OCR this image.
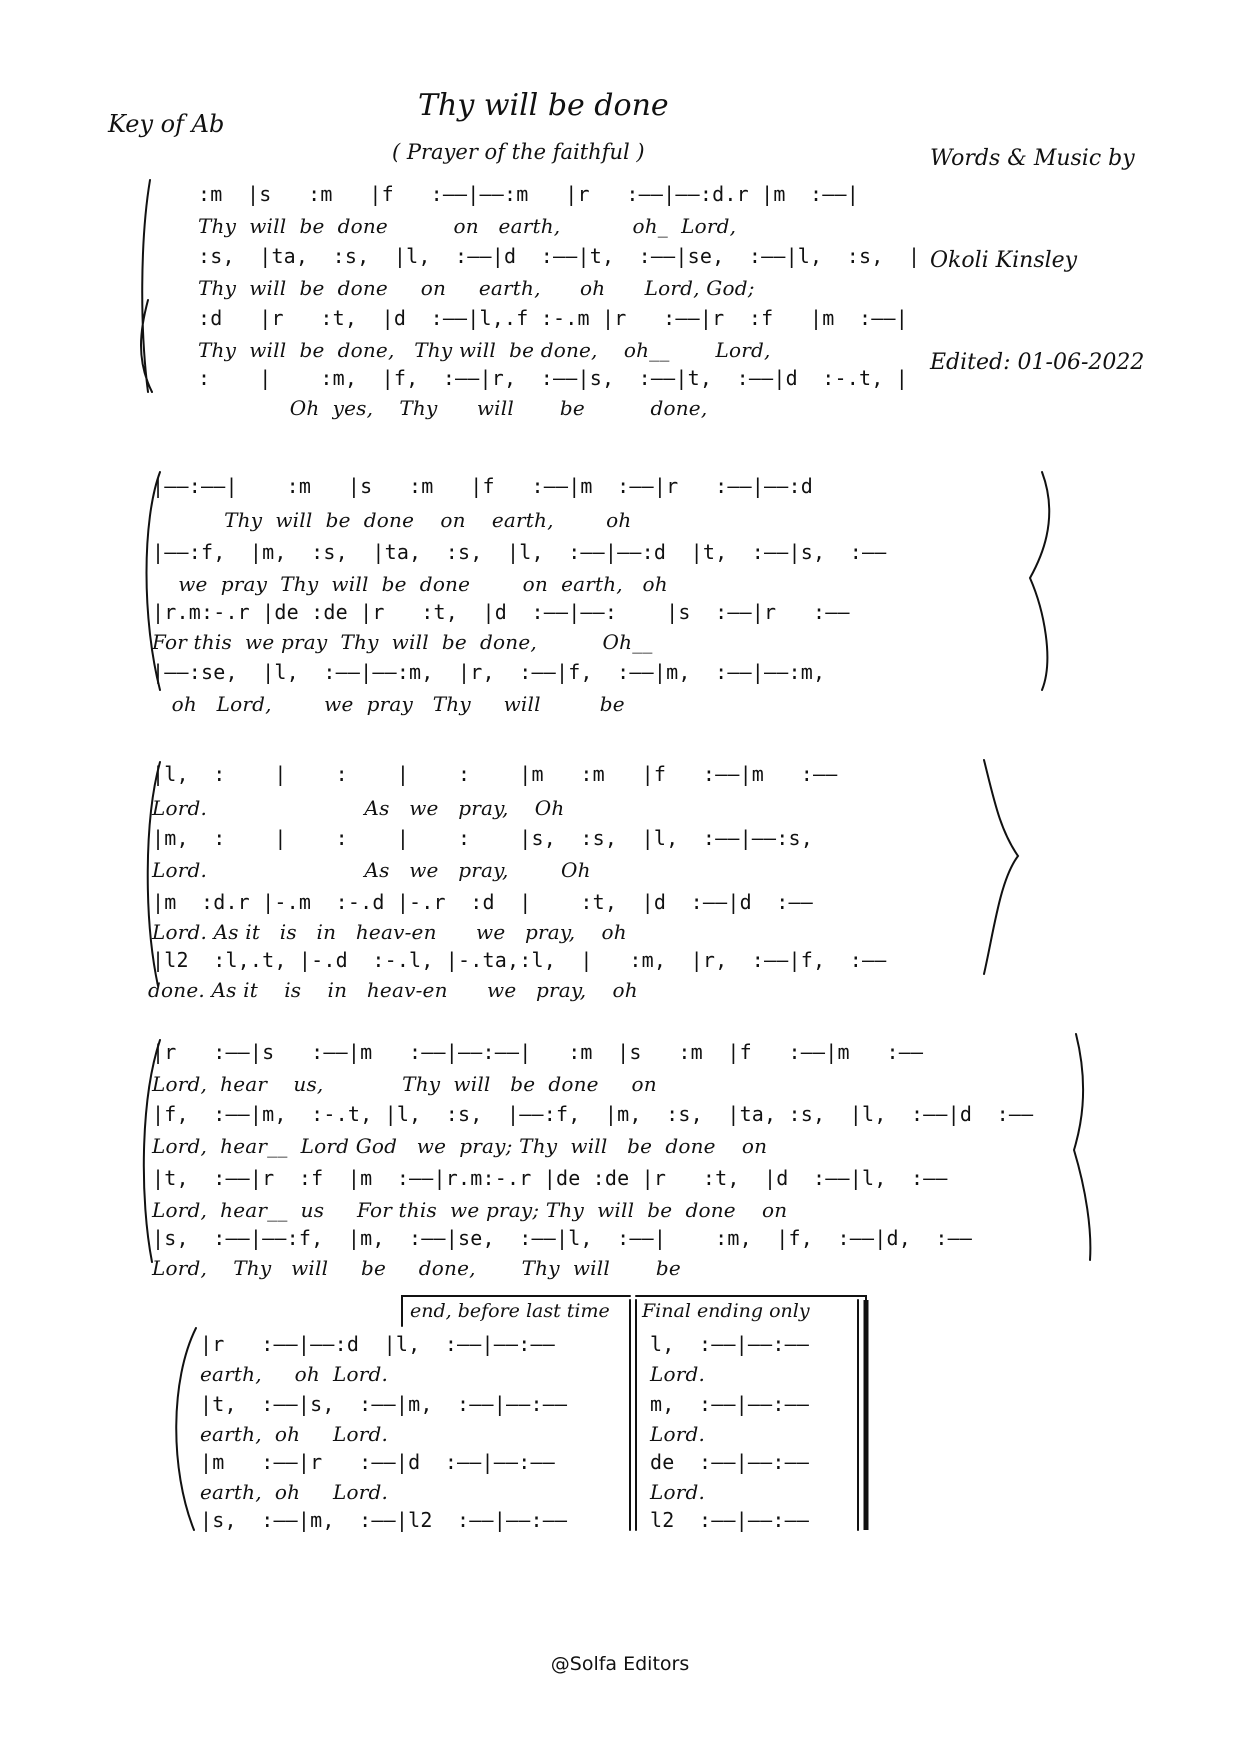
Key of Ab
Thy will be done
( Prayer of the faithful )

	Words & Music by

Okoli Kinsley

Edited: 01-06-2022

:m  |s   :m   |f   :——|——:m   |r   :——|——:d.r |m  :——|
Thy  will  be  done          on   earth,           oh_  Lord,
:s,  |ta,  :s,  |l,  :——|d  :——|t,  :——|se,  :——|l,  :s,  |
Thy  will  be  done     on     earth,      oh      Lord, God;
:d   |r   :t,  |d  :——|l,.f :-.m |r   :——|r  :f   |m  :——|
Thy  will  be  done,   Thy will  be done,    oh__       Lord,
:    |    :m,  |f,  :——|r,  :——|s,  :——|t,  :——|d  :-.t, |
Oh  yes,    Thy      will       be          done,
|——:——|    :m   |s   :m   |f   :——|m  :——|r   :——|——:d
Thy  will  be  done    on    earth,        oh
|——:f,  |m,  :s,  |ta,  :s,  |l,  :——|——:d  |t,  :——|s,  :——
we  pray  Thy  will  be  done        on  earth,   oh
|r.m:-.r |de :de |r   :t,  |d  :——|——:    |s  :——|r   :——
For this  we pray  Thy  will  be  done,          Oh__
|——:se,  |l,  :——|——:m,  |r,  :——|f,  :——|m,  :——|——:m,
oh   Lord,        we  pray   Thy     will         be
|l,  :    |    :    |    :    |m   :m   |f   :——|m   :——
Lord.                        As   we   pray,    Oh
|m,  :    |    :    |    :    |s,  :s,  |l,  :——|——:s,
Lord.                        As   we   pray,        Oh
|m  :d.r |-.m  :-.d |-.r  :d  |    :t,  |d  :——|d  :——
Lord. As it   is   in   heav-en      we   pray,    oh
|l2  :l,.t, |-.d  :-.l, |-.ta,:l,  |   :m,  |r,  :——|f,  :——
done. As it    is    in   heav-en      we   pray,    oh
|r   :——|s   :——|m   :——|——:——|   :m  |s   :m  |f   :——|m   :——
Lord,  hear    us,            Thy  will   be  done     on
|f,  :——|m,  :-.t, |l,  :s,  |——:f,  |m,  :s,  |ta, :s,  |l,  :——|d  :——
Lord,  hear__  Lord God   we  pray; Thy  will   be  done    on
|t,  :——|r  :f  |m  :——|r.m:-.r |de :de |r   :t,  |d  :——|l,  :——
Lord,  hear__  us     For this  we pray; Thy  will  be  done    on
|s,  :——|——:f,  |m,  :——|se,  :——|l,  :——|    :m,  |f,  :——|d,  :——
Lord,    Thy   will     be     done,       Thy  will       be
end, before last time Final ending only
|r   :——|——:d  |l,  :——|——:——
earth,     oh  Lord.
|t,  :——|s,  :——|m,  :——|——:——
earth,  oh     Lord.
|m   :——|r   :——|d  :——|——:——
earth,  oh     Lord.
|s,  :——|m,  :——|l2  :——|——:——
l,  :——|——:——
Lord.
m,  :——|——:——
Lord.
de  :——|——:——
Lord.
l2  :——|——:——
@Solfa Editors
